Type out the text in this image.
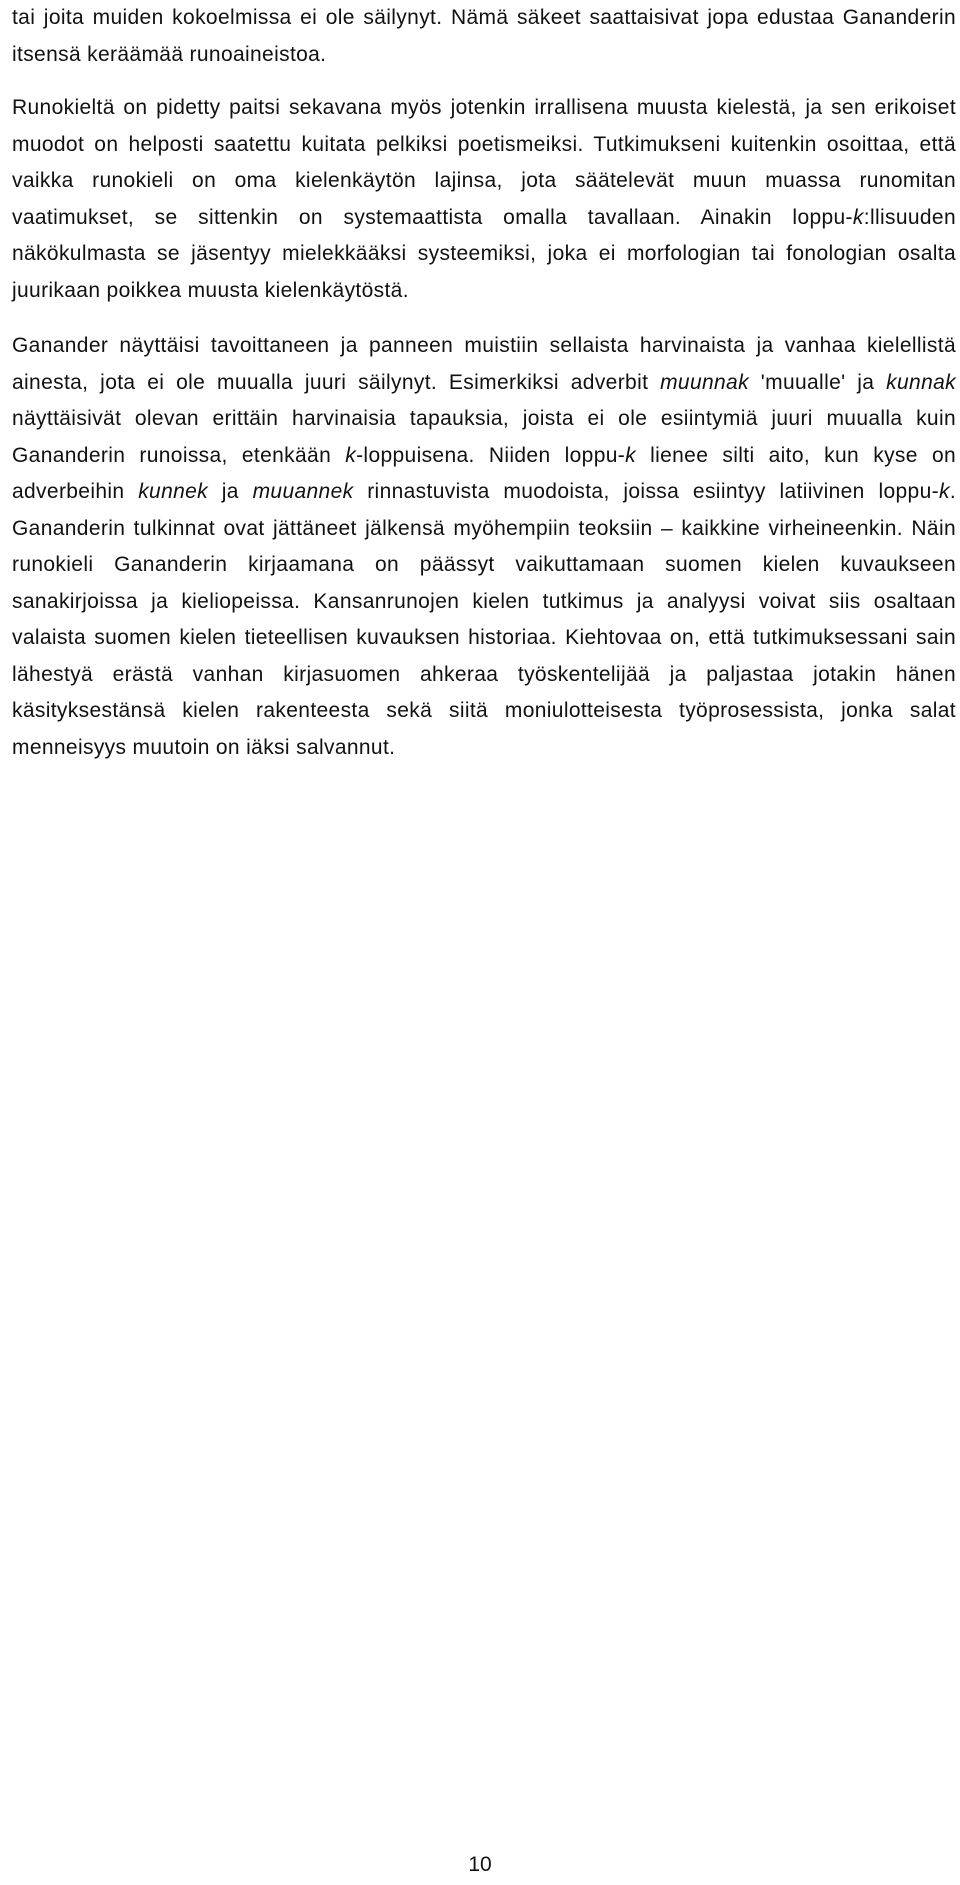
tai joita muiden kokoelmissa ei ole säilynyt. Nämä säkeet saattaisivat jopa edustaa Gananderin itsensä keräämää runoaineistoa.

Runokieltä on pidetty paitsi sekavana myös jotenkin irrallisena muusta kielestä, ja sen erikoiset muodot on helposti saatettu kuitata pelkiksi poetismeiksi. Tutkimukseni kuitenkin osoittaa, että vaikka runokieli on oma kielenkäytön lajinsa, jota säätelevät muun muassa runomitan vaatimukset, se sittenkin on systemaattista omalla tavallaan. Ainakin loppu-k:llisuuden näkökulmasta se jäsentyy mielekkääksi systeemiksi, joka ei morfologian tai fonologian osalta juurikaan poikkea muusta kielenkäytöstä.

Ganander näyttäisi tavoittaneen ja panneen muistiin sellaista harvinaista ja vanhaa kielellistä ainesta, jota ei ole muualla juuri säilynyt. Esimerkiksi adverbit muunnak 'muualle' ja kunnak näyttäisivät olevan erittäin harvinaisia tapauksia, joista ei ole esiintymiä juuri muualla kuin Gananderin runoissa, etenkään k-loppuisena. Niiden loppu-k lienee silti aito, kun kyse on adverbeihin kunnek ja muuannek rinnastuvista muodoista, joissa esiintyy latiivinen loppu-k. Gananderin tulkinnat ovat jättäneet jälkensä myöhempiin teoksiin – kaikkine virheineenkin. Näin runokieli Gananderin kirjaamana on päässyt vaikuttamaan suomen kielen kuvaukseen sanakirjoissa ja kieliopeissa. Kansanrunojen kielen tutkimus ja analyysi voivat siis osaltaan valaista suomen kielen tieteellisen kuvauksen historiaa. Kiehtovaa on, että tutkimuksessani sain lähestyä erästä vanhan kirjasuomen ahkeraa työskentelijää ja paljastaa jotakin hänen käsityksestänsä kielen rakenteesta sekä siitä moniulotteisesta työprosessista, jonka salat menneisyys muutoin on iäksi salvannut.

10
